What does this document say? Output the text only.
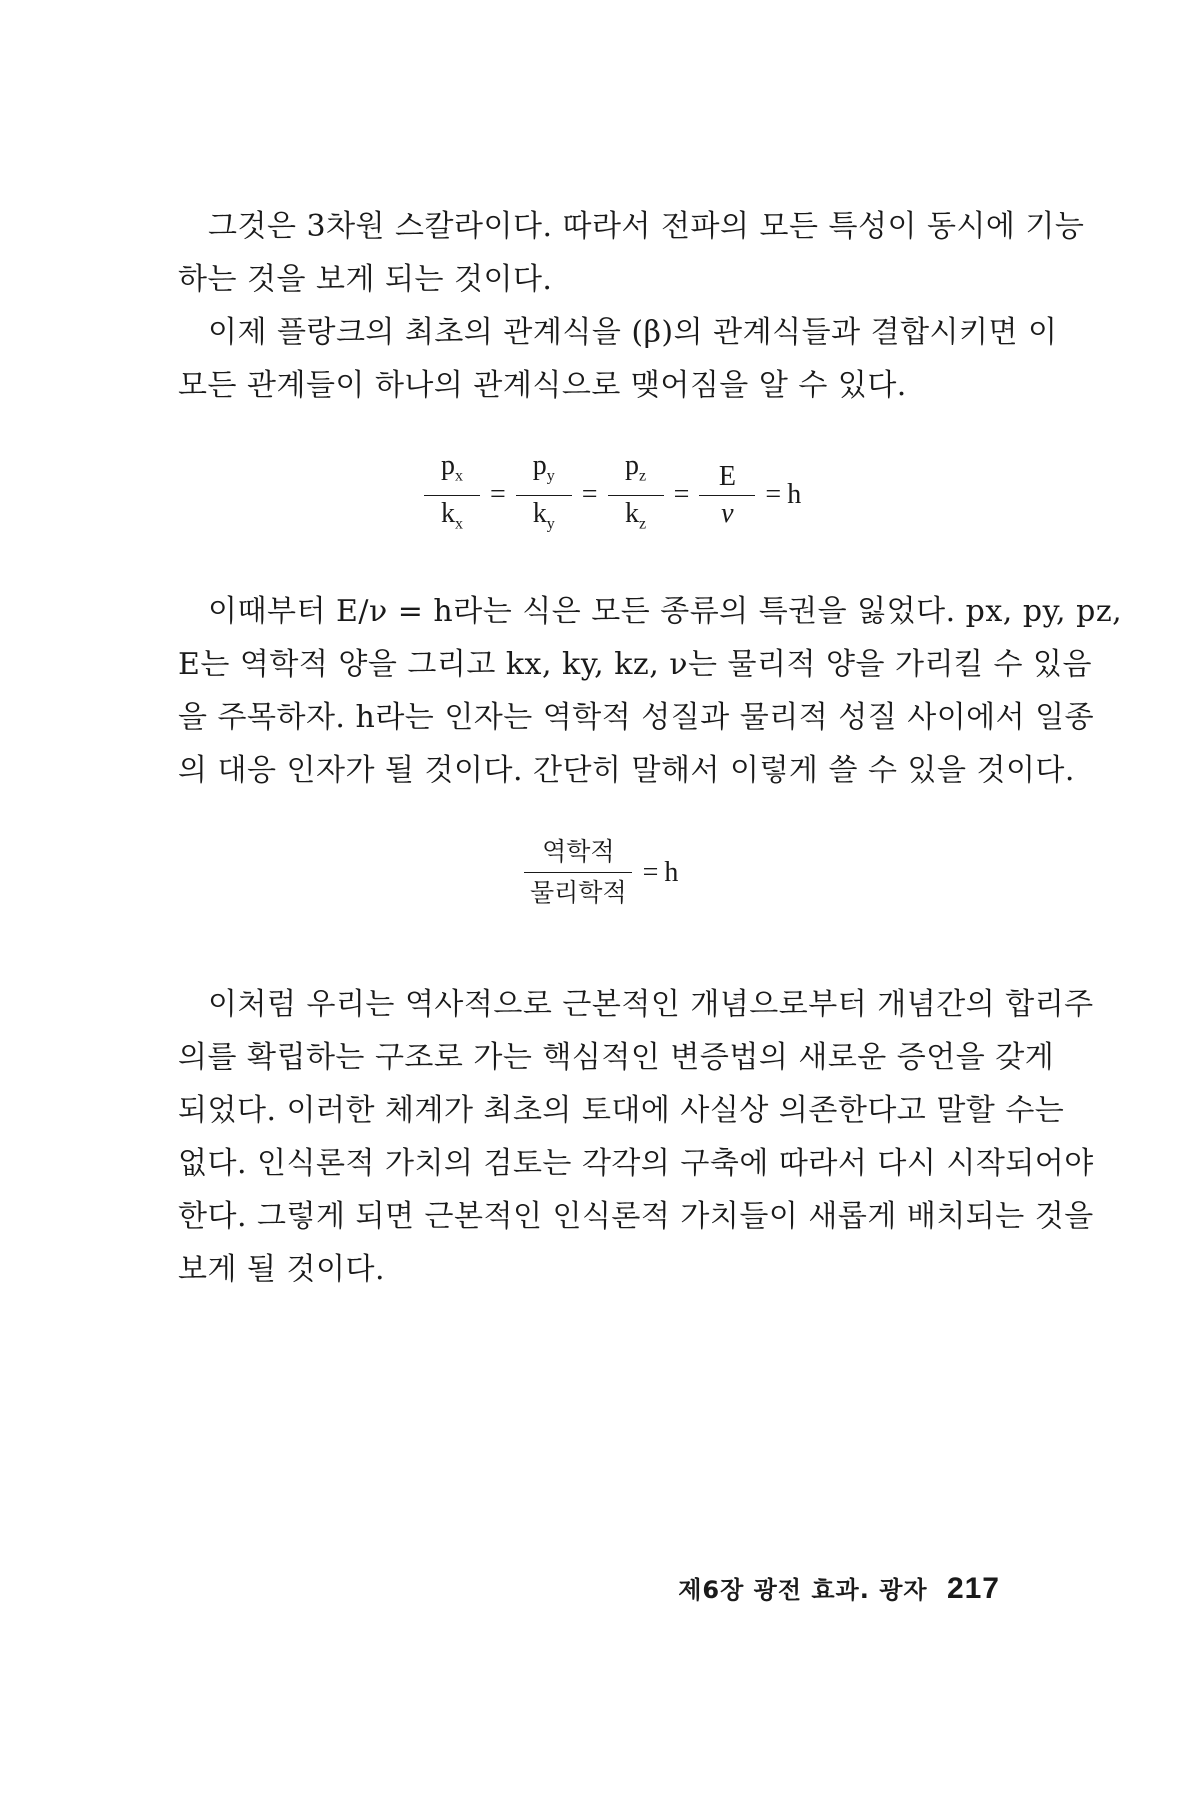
그것은 3차원 스칼라이다. 따라서 전파의 모든 특성이 동시에 기능
하는 것을 보게 되는 것이다.
이제 플랑크의 최초의 관계식을 (β)의 관계식들과 결합시키면 이
모든 관계들이 하나의 관계식으로 맺어짐을 알 수 있다.
$\frac{p_x}{k_x} = \frac{p_y}{k_y} = \frac{p_z}{k_z} = \frac{E}{\nu} = h$
이때부터 E/ν = h라는 식은 모든 종류의 특권을 잃었다. px, py, pz,
E는 역학적 양을 그리고 kx, ky, kz, ν는 물리적 양을 가리킬 수 있음
을 주목하자. h라는 인자는 역학적 성질과 물리적 성질 사이에서 일종
의 대응 인자가 될 것이다. 간단히 말해서 이렇게 쓸 수 있을 것이다.
$\frac{\text{역학적}}{\text{물리학적}} = h$
이처럼 우리는 역사적으로 근본적인 개념으로부터 개념간의 합리주
의를 확립하는 구조로 가는 핵심적인 변증법의 새로운 증언을 갖게
되었다. 이러한 체계가 최초의 토대에 사실상 의존한다고 말할 수는
없다. 인식론적 가치의 검토는 각각의 구축에 따라서 다시 시작되어야
한다. 그렇게 되면 근본적인 인식론적 가치들이 새롭게 배치되는 것을
보게 될 것이다.
제6장 광전 효과. 광자 217
